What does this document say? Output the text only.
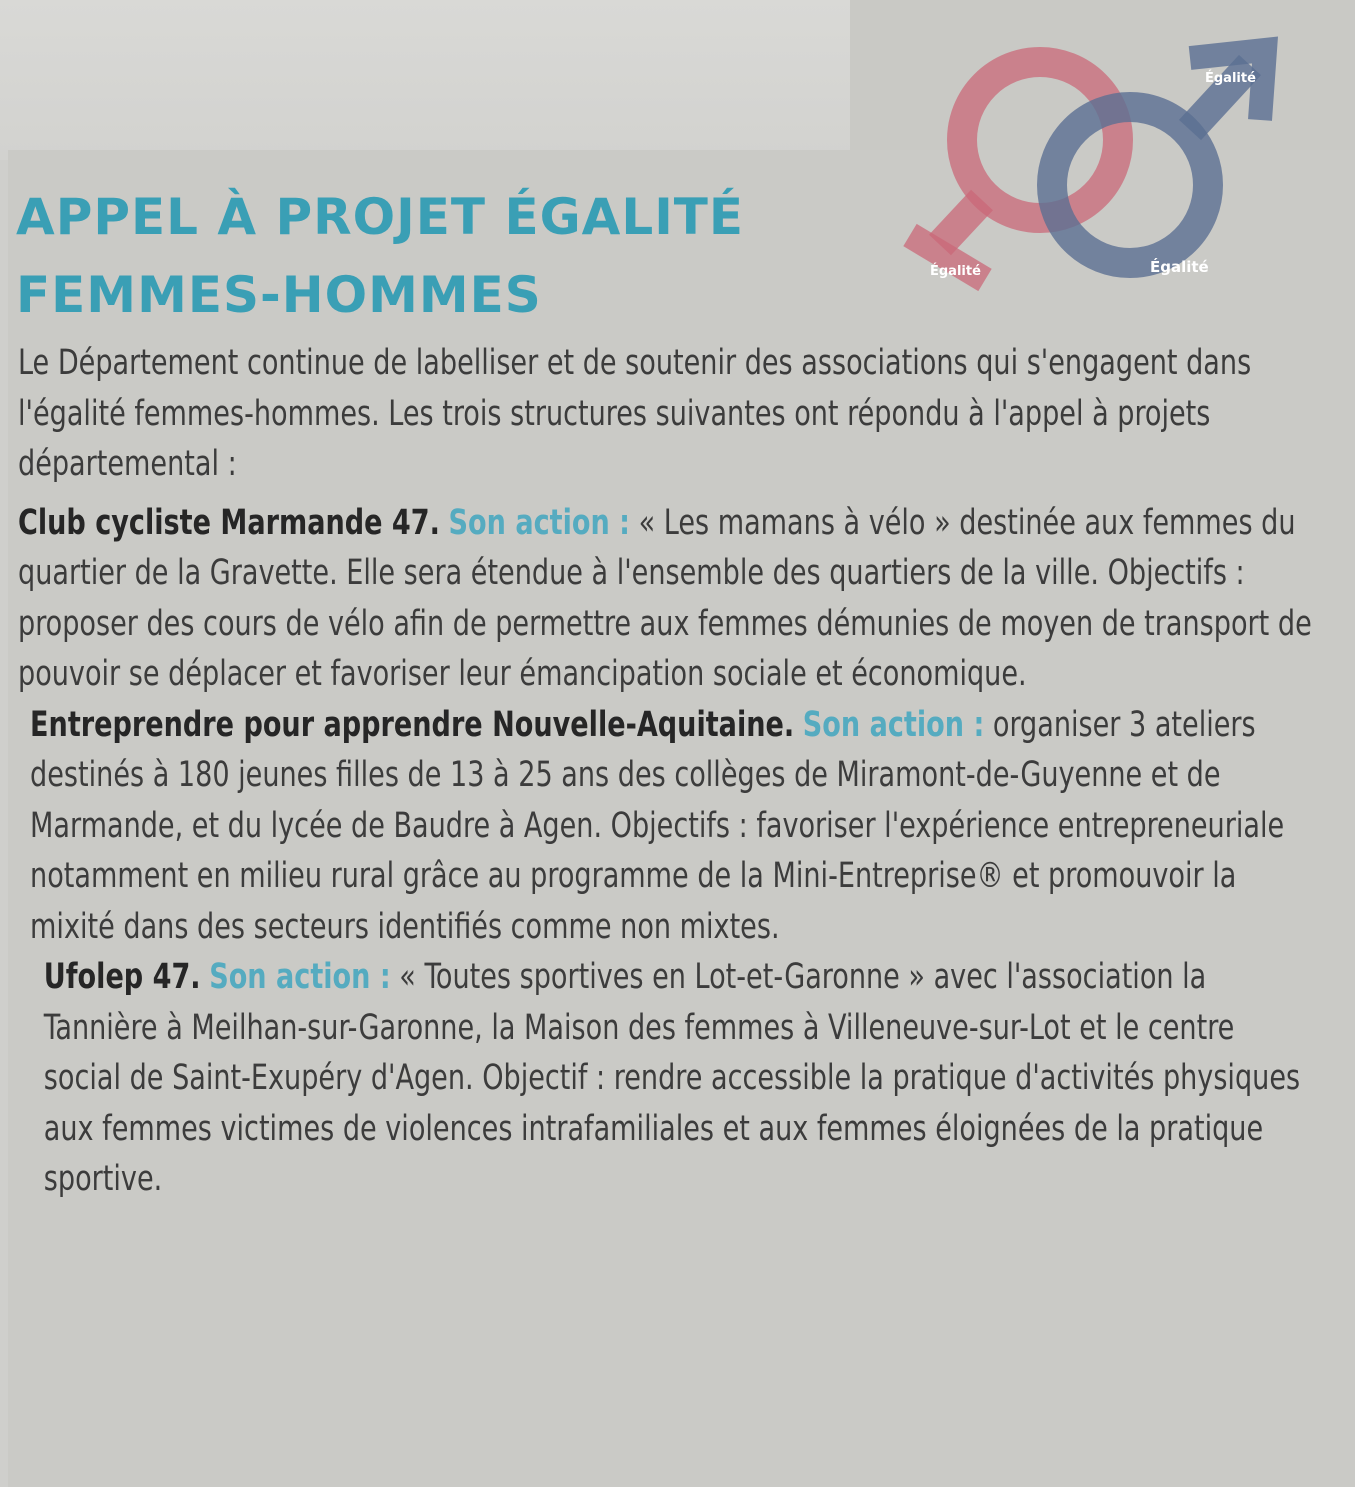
APPEL À PROJET ÉGALITÉ
FEMMES-HOMMES	Égalité
Égalité
Égalité

Le Département continue de labelliser et de soutenir des associations qui s'engagent dans l'égalité femmes-hommes. Les trois structures suivantes ont répondu à l'appel à projets départemental :

Club cycliste Marmande 47. Son action : « Les mamans à vélo » destinée aux femmes du quartier de la Gravette. Elle sera étendue à l'ensemble des quartiers de la ville. Objectifs : proposer des cours de vélo afin de permettre aux femmes démunies de moyen de transport de pouvoir se déplacer et favoriser leur émancipation sociale et économique.

Entreprendre pour apprendre Nouvelle-Aquitaine. Son action : organiser 3 ateliers destinés à 180 jeunes filles de 13 à 25 ans des collèges de Miramont-de-Guyenne et de Marmande, et du lycée de Baudre à Agen. Objectifs : favoriser l'expérience entrepreneuriale notamment en milieu rural grâce au programme de la Mini-Entreprise® et promouvoir la mixité dans des secteurs identifiés comme non mixtes.

Ufolep 47. Son action : « Toutes sportives en Lot-et-Garonne » avec l'association la Tannière à Meilhan-sur-Garonne, la Maison des femmes à Villeneuve-sur-Lot et le centre social de Saint-Exupéry d'Agen. Objectif : rendre accessible la pratique d'activités physiques aux femmes victimes de violences intrafamiliales et aux femmes éloignées de la pratique sportive.
